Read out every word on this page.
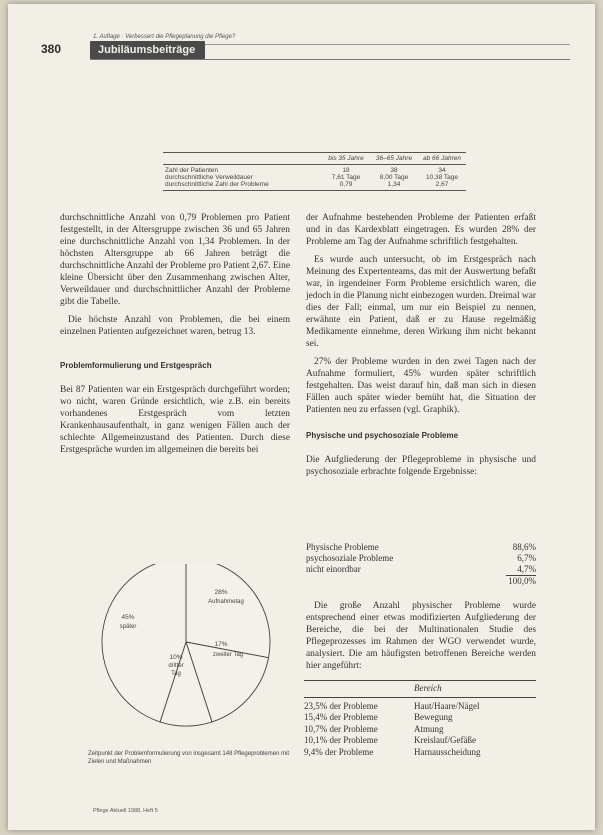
1. Auflage · Verbessert die Pflegeplanung die Pflege?
380	Jubiläumsbeiträge
bis 35 Jahre	36–65 Jahre	ab 66 Jahren
Zahl der Patienten	18	38	34
durchschnittliche Verweildauer	7,61 Tage	8,00 Tage	10,38 Tage
durchschnittliche Zahl der Probleme	0,79	1,34	2,67

durchschnittliche Anzahl von 0,79 Problemen pro Patient festgestellt, in der Altersgruppe zwischen 36 und 65 Jahren eine durchschnittliche Anzahl von 1,34 Problemen. In der höchsten Altersgruppe ab 66 Jahren beträgt die durchschnittliche Anzahl der Probleme pro Patient 2,67. Eine kleine Übersicht über den Zusammenhang zwischen Alter, Verweildauer und durchschnittlicher Anzahl der Probleme gibt die Tabelle.

Die höchste Anzahl von Problemen, die bei einem einzelnen Patienten aufgezeichnet waren, betrug 13.

Problemformulierung und Erstgespräch

Bei 87 Patienten war ein Erstgespräch durchgeführt worden; wo nicht, waren Gründe ersichtlich, wie z.B. ein bereits vorhandenes Erstgespräch vom letzten Krankenhausaufenthalt, in ganz wenigen Fällen auch der schlechte Allgemeinzustand des Patienten. Durch diese Erstgespräche wurden im allgemeinen die bereits bei

28%
Aufnahmetag
45%
später
10%
dritter
Tag
17%
zweiter Tag
Zeitpunkt der Problemformulierung von insgesamt 148 Pflegeproblemen mit Zielen und Maßnahmen

der Aufnahme bestehenden Probleme der Patienten erfaßt und in das Kardexblatt eingetragen. Es wurden 28% der Probleme am Tag der Aufnahme schriftlich festgehalten.

Es wurde auch untersucht, ob im Erstgespräch nach Meinung des Expertenteams, das mit der Auswertung befaßt war, in irgendeiner Form Probleme ersichtlich waren, die jedoch in die Planung nicht einbezogen wurden. Dreimal war dies der Fall; einmal, um nur ein Beispiel zu nennen, erwähnte ein Patient, daß er zu Hause regelmäßig Medikamente einnehme, deren Wirkung ihm nicht bekannt sei.

27% der Probleme wurden in den zwei Tagen nach der Aufnahme formuliert, 45% wurden später schriftlich festgehalten. Das weist darauf hin, daß man sich in diesen Fällen auch später wieder bemüht hat, die Situation der Patienten neu zu erfassen (vgl. Graphik).

Physische und psychosoziale Probleme

Die Aufgliederung der Pflegeprobleme in physische und psychosoziale erbrachte folgende Ergebnisse:

Physische Probleme	88,6%
psychosoziale Probleme	6,7%
nicht einordbar	4,7%
100,0%

Die große Anzahl physischer Probleme wurde entsprechend einer etwas modifizierten Aufgliederung der Bereiche, die bei der Multinationalen Studie des Pflegeprozesses im Rahmen der WGO verwendet wurde, analysiert. Die am häufigsten betroffenen Bereiche werden hier angeführt:

Bereich
23,5% der Probleme	Haut/Haare/Nägel
15,4% der Probleme	Bewegung
10,7% der Probleme	Atmung
10,1% der Probleme	Kreislauf/Gefäße
9,4% der Probleme	Harnausscheidung
Pflege Aktuell 1988, Heft 5
